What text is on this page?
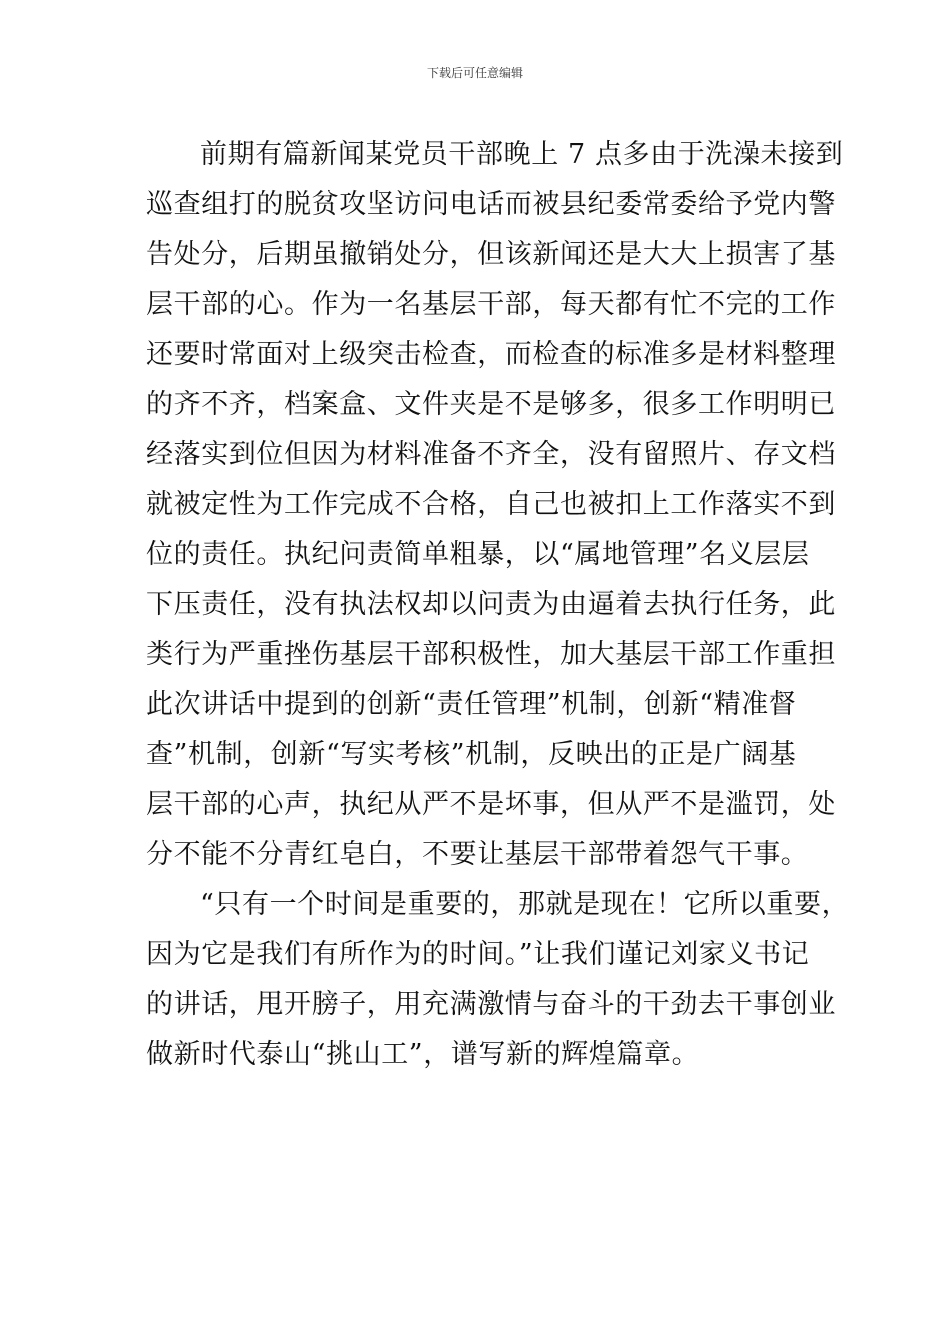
下载后可任意编辑

前期有篇新闻某党员干部晚上 7 点多由于洗澡未接到
巡查组打的脱贫攻坚访问电话而被县纪委常委给予党内警
告处分，后期虽撤销处分，但该新闻还是大大上损害了基
层干部的心。作为一名基层干部，每天都有忙不完的工作
还要时常面对上级突击检查，而检查的标准多是材料整理
的齐不齐，档案盒、文件夹是不是够多，很多工作明明已
经落实到位但因为材料准备不齐全，没有留照片、存文档
就被定性为工作完成不合格，自己也被扣上工作落实不到
位的责任。执纪问责简单粗暴，以“属地管理”名义层层
下压责任，没有执法权却以问责为由逼着去执行任务，此
类行为严重挫伤基层干部积极性，加大基层干部工作重担
此次讲话中提到的创新“责任管理”机制，创新“精准督
查”机制，创新“写实考核”机制，反映出的正是广阔基
层干部的心声，执纪从严不是坏事，但从严不是滥罚，处
分不能不分青红皂白，不要让基层干部带着怨气干事。

“只有一个时间是重要的，那就是现在！它所以重要，
因为它是我们有所作为的时间。”让我们谨记刘家义书记
的讲话，甩开膀子，用充满激情与奋斗的干劲去干事创业
做新时代泰山“挑山工”，谱写新的辉煌篇章。
